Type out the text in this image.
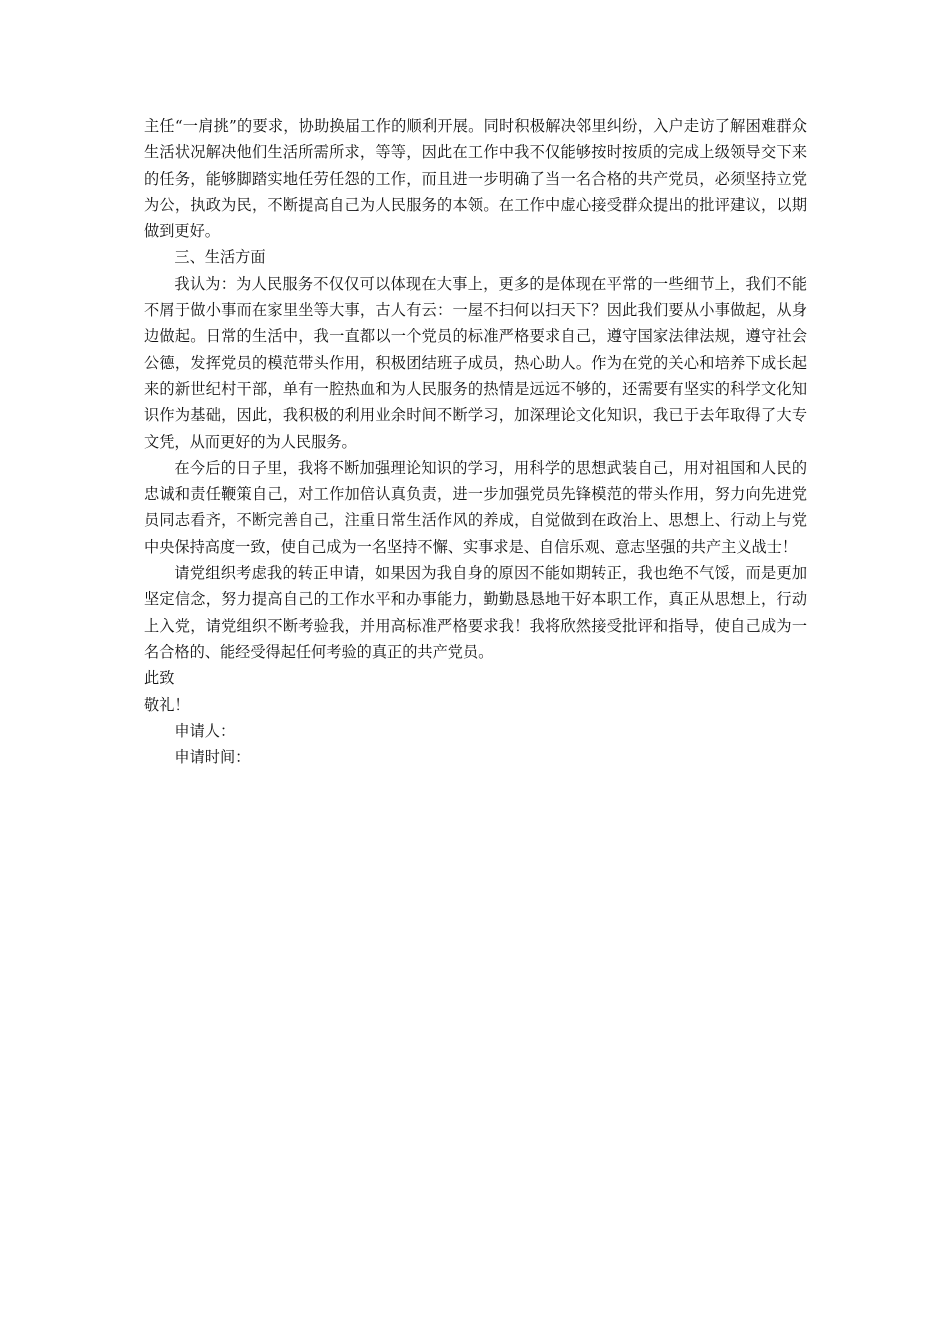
主任“一肩挑”的要求，协助换届工作的顺利开展。同时积极解决邻里纠纷，入户走访了解困难群众生活状况解决他们生活所需所求，等等，因此在工作中我不仅能够按时按质的完成上级领导交下来的任务，能够脚踏实地任劳任怨的工作，而且进一步明确了当一名合格的共产党员，必须坚持立党为公，执政为民，不断提高自己为人民服务的本领。在工作中虚心接受群众提出的批评建议，以期做到更好。

三、生活方面

我认为：为人民服务不仅仅可以体现在大事上，更多的是体现在平常的一些细节上，我们不能不屑于做小事而在家里坐等大事，古人有云：一屋不扫何以扫天下？因此我们要从小事做起，从身边做起。日常的生活中，我一直都以一个党员的标准严格要求自己，遵守国家法律法规，遵守社会公德，发挥党员的模范带头作用，积极团结班子成员，热心助人。作为在党的关心和培养下成长起来的新世纪村干部，单有一腔热血和为人民服务的热情是远远不够的，还需要有坚实的科学文化知识作为基础，因此，我积极的利用业余时间不断学习，加深理论文化知识，我已于去年取得了大专文凭，从而更好的为人民服务。

在今后的日子里，我将不断加强理论知识的学习，用科学的思想武装自己，用对祖国和人民的忠诚和责任鞭策自己，对工作加倍认真负责，进一步加强党员先锋模范的带头作用，努力向先进党员同志看齐，不断完善自己，注重日常生活作风的养成，自觉做到在政治上、思想上、行动上与党中央保持高度一致，使自己成为一名坚持不懈、实事求是、自信乐观、意志坚强的共产主义战士！

请党组织考虑我的转正申请，如果因为我自身的原因不能如期转正，我也绝不气馁，而是更加坚定信念，努力提高自己的工作水平和办事能力，勤勤恳恳地干好本职工作，真正从思想上，行动上入党，请党组织不断考验我，并用高标准严格要求我！我将欣然接受批评和指导，使自己成为一名合格的、能经受得起任何考验的真正的共产党员。

此致

敬礼！

申请人：

申请时间：
